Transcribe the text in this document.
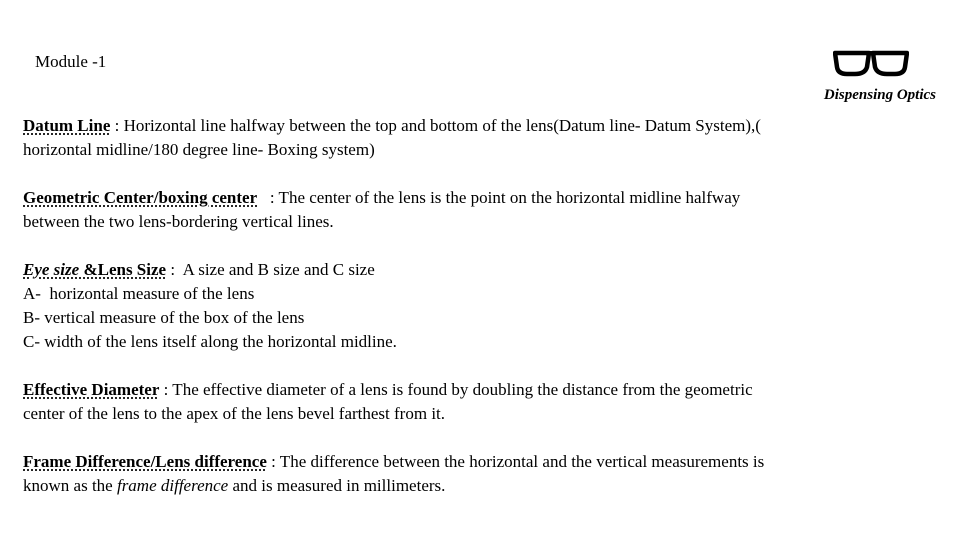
Module -1
Dispensing Optics
Datum Line : Horizontal line halfway between the top and bottom of the lens(Datum line- Datum System),(
horizontal midline/180 degree line- Boxing system)
Geometric Center/boxing center   : The center of the lens is the point on the horizontal midline halfway
between the two lens-bordering vertical lines.
Eye size &Lens Size :  A size and B size and C size
A-  horizontal measure of the lens
B- vertical measure of the box of the lens
C- width of the lens itself along the horizontal midline.
Effective Diameter : The effective diameter of a lens is found by doubling the distance from the geometric
center of the lens to the apex of the lens bevel farthest from it.
Frame Difference/Lens difference : The difference between the horizontal and the vertical measurements is
known as the frame difference and is measured in millimeters.
